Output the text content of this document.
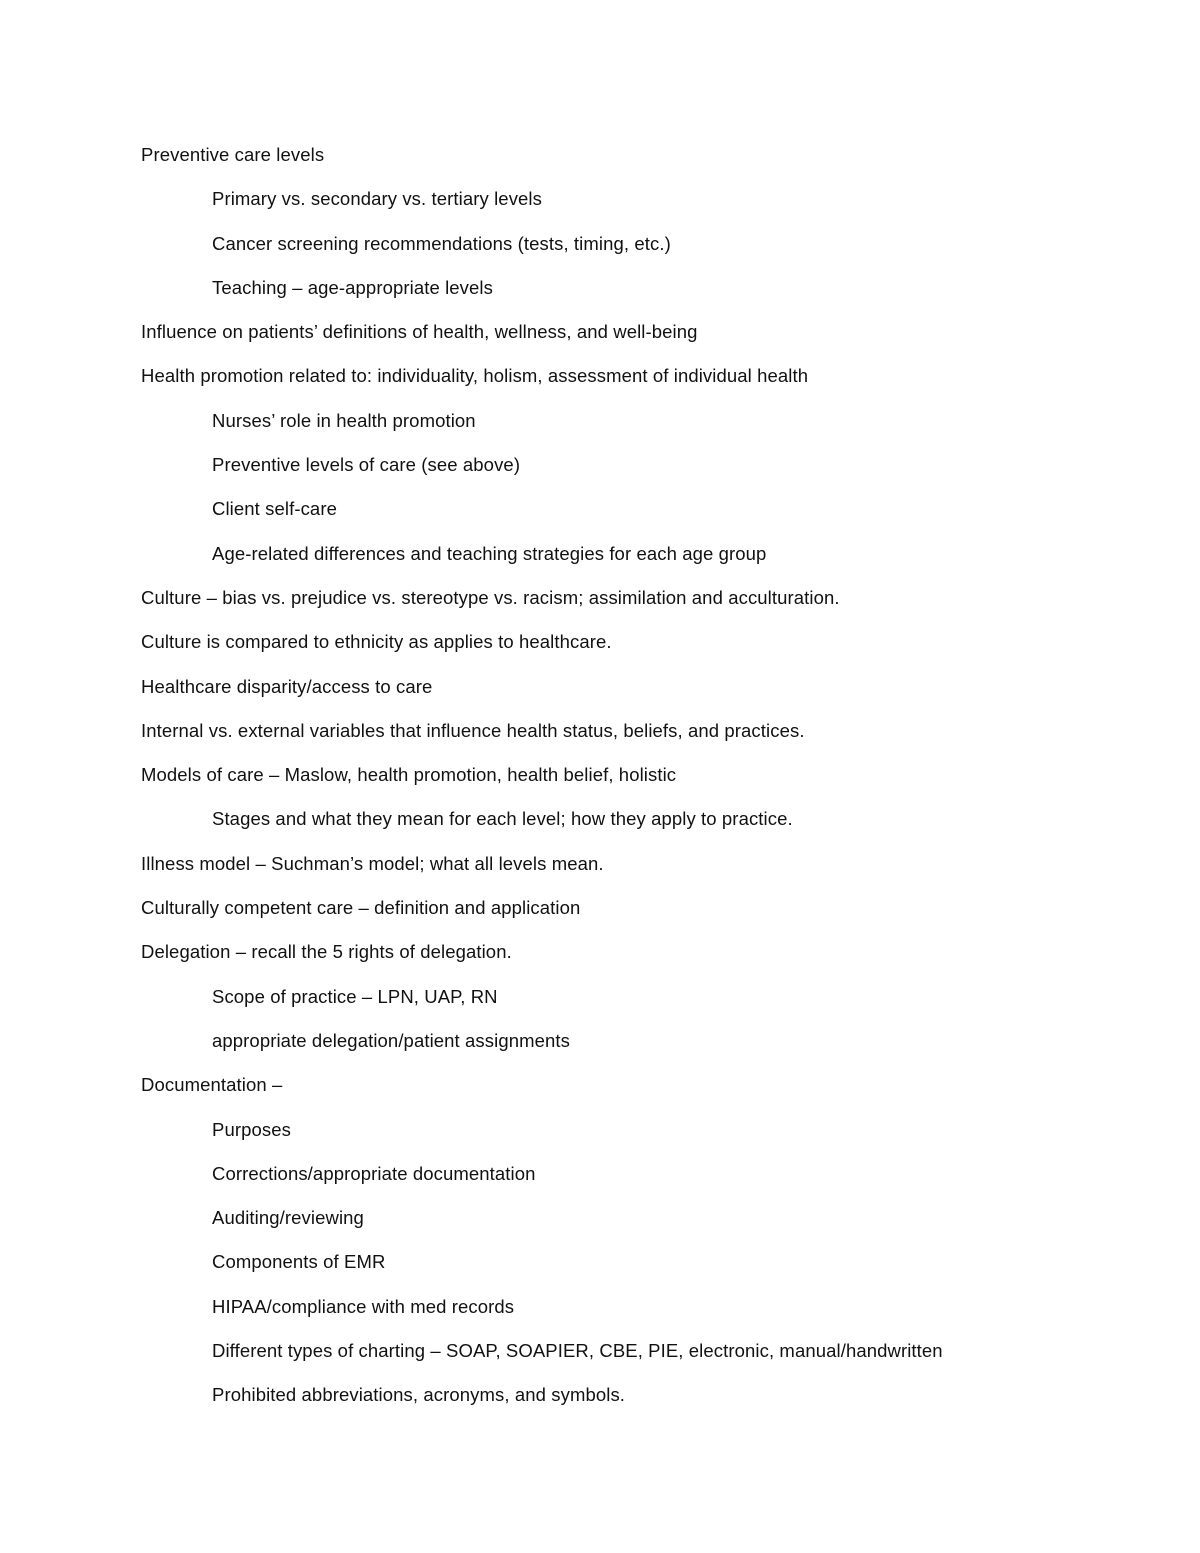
Preventive care levels
Primary vs. secondary vs. tertiary levels
Cancer screening recommendations (tests, timing, etc.)
Teaching – age-appropriate levels
Influence on patients’ definitions of health, wellness, and well-being
Health promotion related to: individuality, holism, assessment of individual health
Nurses’ role in health promotion
Preventive levels of care (see above)
Client self-care
Age-related differences and teaching strategies for each age group
Culture – bias vs. prejudice vs. stereotype vs. racism; assimilation and acculturation.
Culture is compared to ethnicity as applies to healthcare.
Healthcare disparity/access to care
Internal vs. external variables that influence health status, beliefs, and practices.
Models of care – Maslow, health promotion, health belief, holistic
Stages and what they mean for each level; how they apply to practice.
Illness model – Suchman’s model; what all levels mean.
Culturally competent care – definition and application
Delegation – recall the 5 rights of delegation.
Scope of practice – LPN, UAP, RN
appropriate delegation/patient assignments
Documentation –
Purposes
Corrections/appropriate documentation
Auditing/reviewing
Components of EMR
HIPAA/compliance with med records
Different types of charting – SOAP, SOAPIER, CBE, PIE, electronic, manual/handwritten
Prohibited abbreviations, acronyms, and symbols.
